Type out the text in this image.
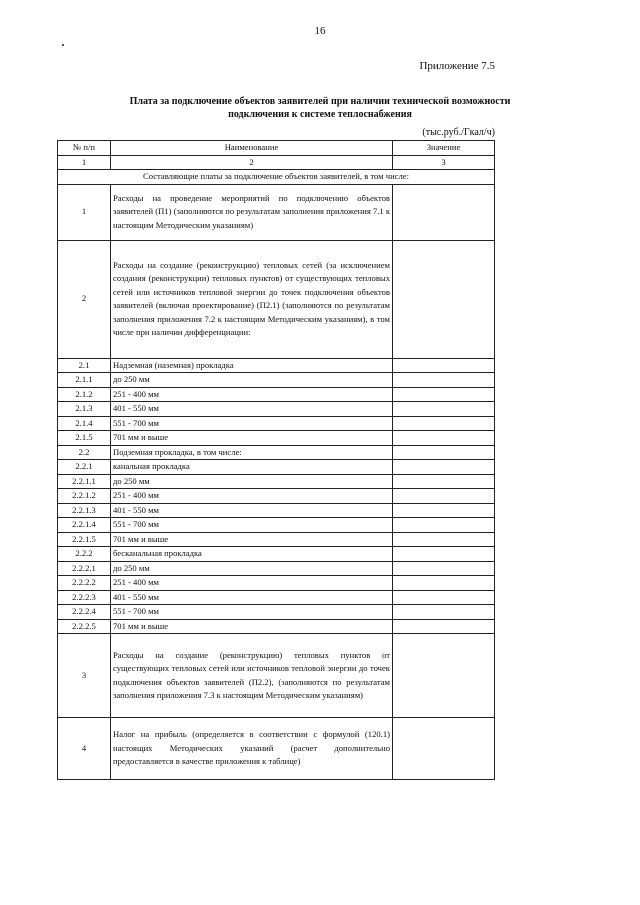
16
Приложение 7.5
Плата за подключение объектов заявителей при наличии технической возможности
подключения к системе теплоснабжения
(тыс.руб./Гкал/ч)
№ п/п	Наименование	Значение
1	2	3
Составляющие платы за подключение объектов заявителей, в том числе:		
1	Расходы на проведение мероприятий по подключению объектов заявителей (П1) (заполняются по результатам заполнения приложения 7.1 к настоящим Методическим указаниям)	
2	Расходы на создание (реконструкцию) тепловых сетей (за исключением создания (реконструкции) тепловых пунктов) от существующих тепловых сетей или источников тепловой энергии до точек подключения объектов заявителей (включая проектирование) (П2.1) (заполняются по результатам заполнения приложения 7.2 к настоящим Методическим указаниям), в том числе при наличии дифференциации:	
2.1	Надземная (наземная) прокладка	
2.1.1	до 250 мм	
2.1.2	251 - 400 мм	
2.1.3	401 - 550 мм	
2.1.4	551 - 700 мм	
2.1.5	701 мм и выше	
2.2	Подземная прокладка, в том числе:	
2.2.1	канальная прокладка	
2.2.1.1	до 250 мм	
2.2.1.2	251 - 400 мм	
2.2.1.3	401 - 550 мм	
2.2.1.4	551 - 700 мм	
2.2.1.5	701 мм и выше	
2.2.2	бесканальная прокладка	
2.2.2.1	до 250 мм	
2.2.2.2	251 - 400 мм	
2.2.2.3	401 - 550 мм	
2.2.2.4	551 - 700 мм	
2.2.2.5	701 мм и выше	
3	Расходы на создание (реконструкцию) тепловых пунктов от существующих тепловых сетей или источников тепловой энергии до точек подключения объектов заявителей (П2.2), (заполняются по результатам заполнения приложения 7.3 к настоящим Методическим указаниям)	
4	Налог на прибыль (определяется в соответствии с формулой (120.1) настоящих Методических указаний (расчет дополнительно предоставляется в качестве приложения к таблице)	
